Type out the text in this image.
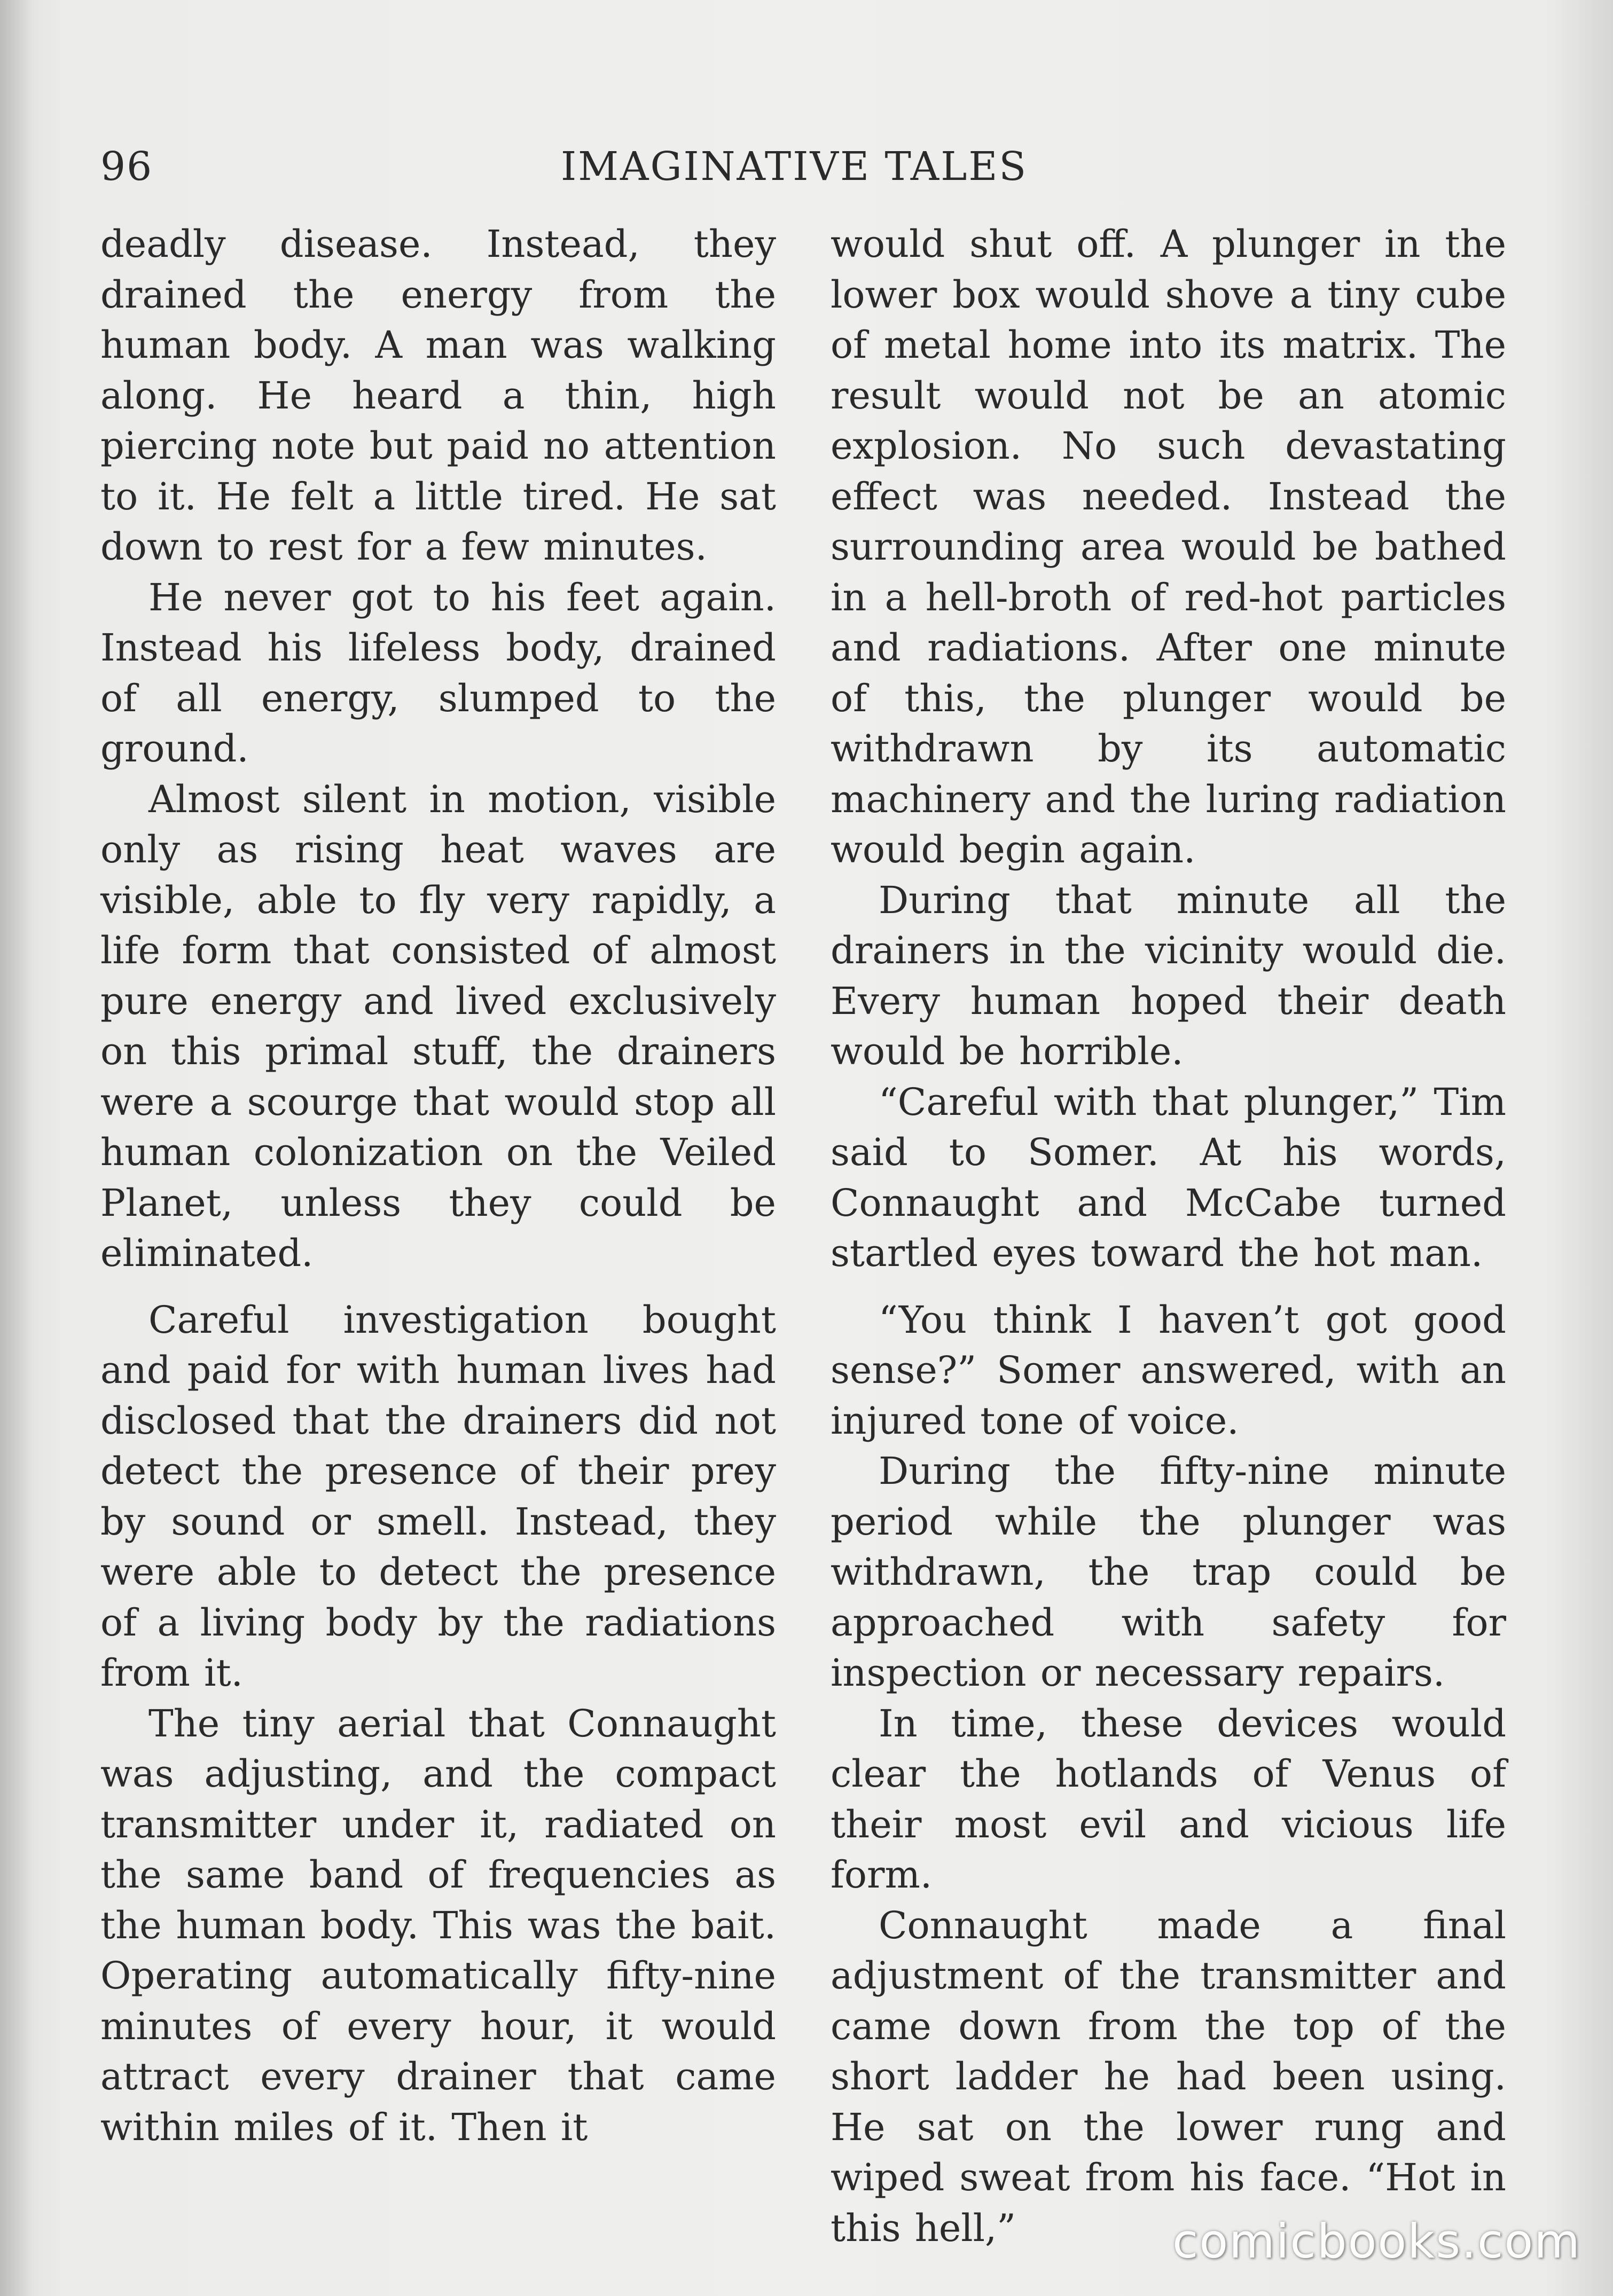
96	IMAGINATIVE TALES

deadly disease. Instead, they drained the energy from the human body. A man was walking along. He heard a thin, high piercing note but paid no attention to it. He felt a little tired. He sat down to rest for a few minutes.

He never got to his feet again. Instead his lifeless body, drained of all energy, slumped to the ground.

Almost silent in motion, visible only as rising heat waves are visible, able to fly very rapidly, a life form that consisted of almost pure energy and lived exclusively on this primal stuff, the drainers were a scourge that would stop all human colonization on the Veiled Planet, unless they could be eliminated.

Careful investigation bought and paid for with human lives had disclosed that the drainers did not detect the presence of their prey by sound or smell. Instead, they were able to detect the presence of a living body by the radiations from it.

The tiny aerial that Connaught was adjusting, and the compact transmitter under it, radiated on the same band of frequencies as the human body. This was the bait. Operating automatically fifty-nine minutes of every hour, it would attract every drainer that came within miles of it. Then it

would shut off. A plunger in the lower box would shove a tiny cube of metal home into its matrix. The result would not be an atomic explosion. No such devastating effect was needed. Instead the surrounding area would be bathed in a hell-broth of red-hot particles and radiations. After one minute of this, the plunger would be withdrawn by its automatic machinery and the luring radiation would begin again.

During that minute all the drainers in the vicinity would die. Every human hoped their death would be horrible.

“Careful with that plunger,” Tim said to Somer. At his words, Connaught and McCabe turned startled eyes toward the hot man.

“You think I haven’t got good sense?” Somer answered, with an injured tone of voice.

During the fifty-nine minute period while the plunger was withdrawn, the trap could be approached with safety for inspection or necessary repairs.

In time, these devices would clear the hotlands of Venus of their most evil and vicious life form.

Connaught made a final adjustment of the transmitter and came down from the top of the short ladder he had been using. He sat on the lower rung and wiped sweat from his face. “Hot in this hell,”	comicbooks.com
